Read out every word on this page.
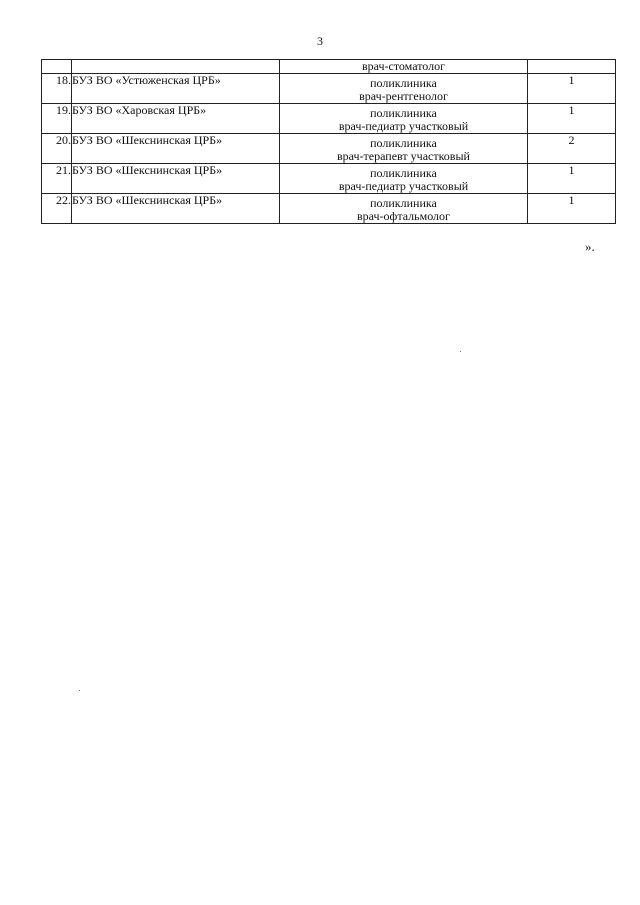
3

		врач-стоматолог	

18.	БУЗ ВО «Устюженская ЦРБ»	поликлиника
врач-рентгенолог	1
19.	БУЗ ВО «Харовская ЦРБ»	поликлиника
врач-педиатр участковый	1
20.	БУЗ ВО «Шекснинская ЦРБ»	поликлиника
врач-терапевт участковый	2
21.	БУЗ ВО «Шекснинская ЦРБ»	поликлиника
врач-педиатр участковый	1
22.	БУЗ ВО «Шекснинская ЦРБ»	поликлиника
врач-офтальмолог	1
».
